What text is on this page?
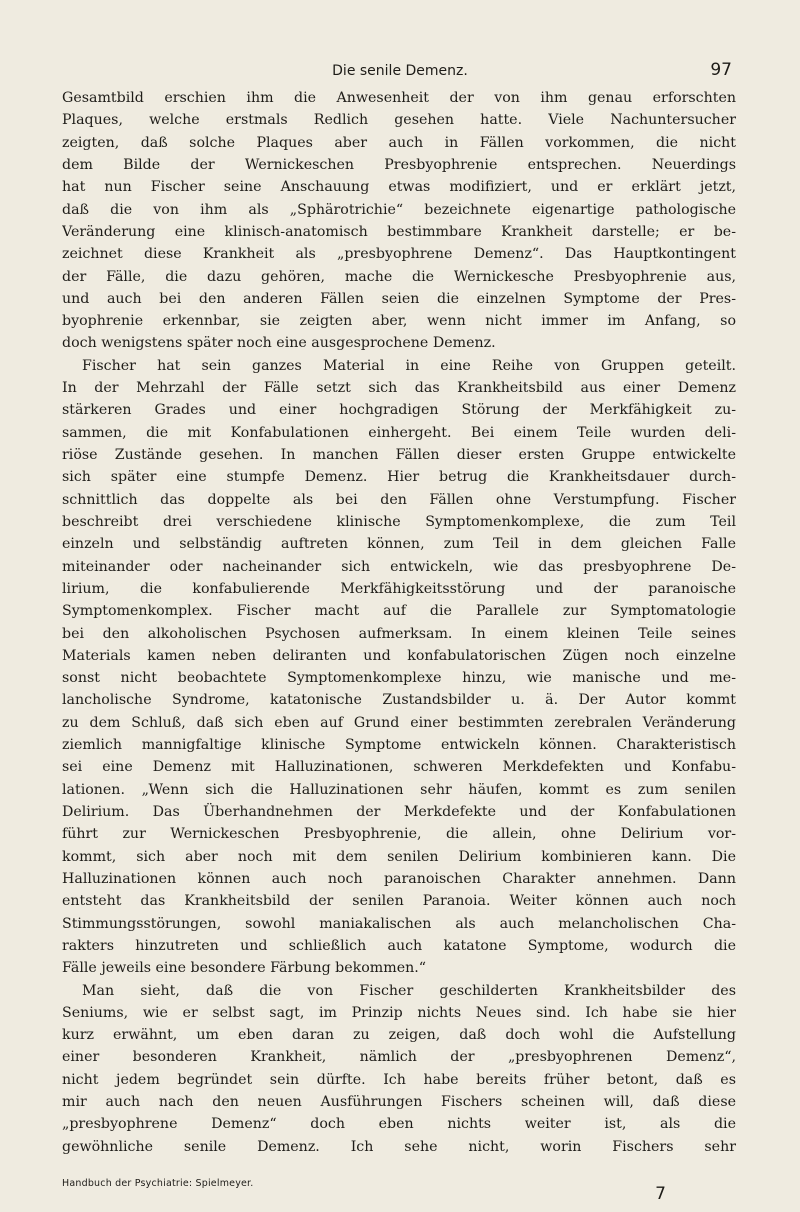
Die senile Demenz.	97
Gesamtbild erschien ihm die Anwesenheit der von ihm genau erforschten
Plaques, welche erstmals Redlich gesehen hatte. Viele Nachuntersucher
zeigten, daß solche Plaques aber auch in Fällen vorkommen, die nicht
dem Bilde der Wernickeschen Presbyophrenie entsprechen. Neuerdings
hat nun Fischer seine Anschauung etwas modifiziert, und er erklärt jetzt,
daß die von ihm als „Sphärotrichie“ bezeichnete eigenartige pathologische
Veränderung eine klinisch-anatomisch bestimmbare Krankheit darstelle; er be-
zeichnet diese Krankheit als „presbyophrene Demenz“. Das Hauptkontingent
der Fälle, die dazu gehören, mache die Wernickesche Presbyophrenie aus,
und auch bei den anderen Fällen seien die einzelnen Symptome der Pres-
byophrenie erkennbar, sie zeigten aber, wenn nicht immer im Anfang, so
doch wenigstens später noch eine ausgesprochene Demenz.
Fischer hat sein ganzes Material in eine Reihe von Gruppen geteilt.
In der Mehrzahl der Fälle setzt sich das Krankheitsbild aus einer Demenz
stärkeren Grades und einer hochgradigen Störung der Merkfähigkeit zu-
sammen, die mit Konfabulationen einhergeht. Bei einem Teile wurden deli-
riöse Zustände gesehen. In manchen Fällen dieser ersten Gruppe entwickelte
sich später eine stumpfe Demenz. Hier betrug die Krankheitsdauer durch-
schnittlich das doppelte als bei den Fällen ohne Verstumpfung. Fischer
beschreibt drei verschiedene klinische Symptomenkomplexe, die zum Teil
einzeln und selbständig auftreten können, zum Teil in dem gleichen Falle
miteinander oder nacheinander sich entwickeln, wie das presbyophrene De-
lirium, die konfabulierende Merkfähigkeitsstörung und der paranoische
Symptomenkomplex. Fischer macht auf die Parallele zur Symptomatologie
bei den alkoholischen Psychosen aufmerksam. In einem kleinen Teile seines
Materials kamen neben deliranten und konfabulatorischen Zügen noch einzelne
sonst nicht beobachtete Symptomenkomplexe hinzu, wie manische und me-
lancholische Syndrome, katatonische Zustandsbilder u. ä. Der Autor kommt
zu dem Schluß, daß sich eben auf Grund einer bestimmten zerebralen Veränderung
ziemlich mannigfaltige klinische Symptome entwickeln können. Charakteristisch
sei eine Demenz mit Halluzinationen, schweren Merkdefekten und Konfabu-
lationen. „Wenn sich die Halluzinationen sehr häufen, kommt es zum senilen
Delirium. Das Überhandnehmen der Merkdefekte und der Konfabulationen
führt zur Wernickeschen Presbyophrenie, die allein, ohne Delirium vor-
kommt, sich aber noch mit dem senilen Delirium kombinieren kann. Die
Halluzinationen können auch noch paranoischen Charakter annehmen. Dann
entsteht das Krankheitsbild der senilen Paranoia. Weiter können auch noch
Stimmungsstörungen, sowohl maniakalischen als auch melancholischen Cha-
rakters hinzutreten und schließlich auch katatone Symptome, wodurch die
Fälle jeweils eine besondere Färbung bekommen.“
Man sieht, daß die von Fischer geschilderten Krankheitsbilder des
Seniums, wie er selbst sagt, im Prinzip nichts Neues sind. Ich habe sie hier
kurz erwähnt, um eben daran zu zeigen, daß doch wohl die Aufstellung
einer besonderen Krankheit, nämlich der „presbyophrenen Demenz“,
nicht jedem begründet sein dürfte. Ich habe bereits früher betont, daß es
mir auch nach den neuen Ausführungen Fischers scheinen will, daß diese
„presbyophrene Demenz“ doch eben nichts weiter ist, als die
gewöhnliche senile Demenz. Ich sehe nicht, worin Fischers sehr
Handbuch der Psychiatrie: Spielmeyer.
7
